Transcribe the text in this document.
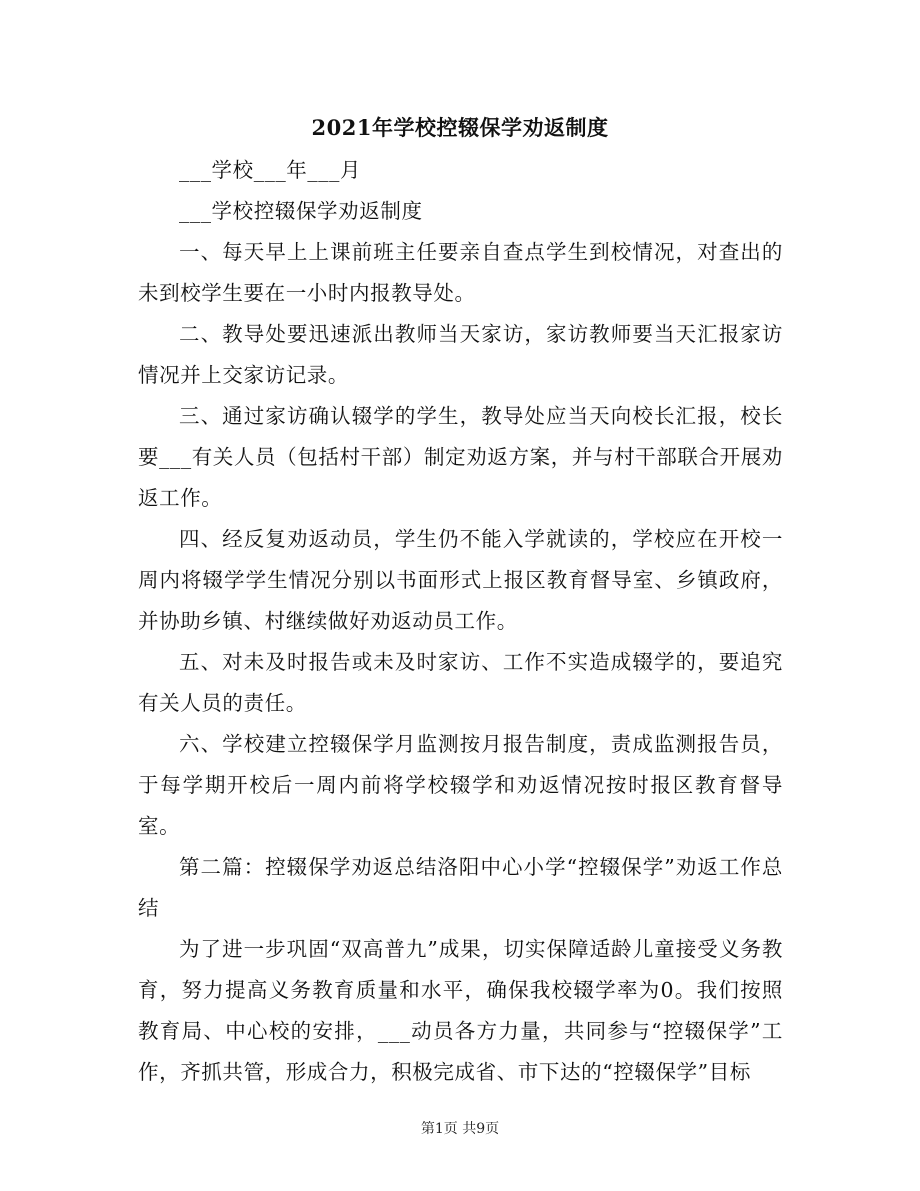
2021年学校控辍保学劝返制度

___学校___年___月

___学校控辍保学劝返制度

一、每天早上上课前班主任要亲自查点学生到校情况，对查出的未到校学生要在一小时内报教导处。

二、教导处要迅速派出教师当天家访，家访教师要当天汇报家访情况并上交家访记录。

三、通过家访确认辍学的学生，教导处应当天向校长汇报，校长要___有关人员（包括村干部）制定劝返方案，并与村干部联合开展劝返工作。

四、经反复劝返动员，学生仍不能入学就读的，学校应在开校一周内将辍学学生情况分别以书面形式上报区教育督导室、乡镇政府，并协助乡镇、村继续做好劝返动员工作。

五、对未及时报告或未及时家访、工作不实造成辍学的，要追究有关人员的责任。

六、学校建立控辍保学月监测按月报告制度，责成监测报告员，于每学期开校后一周内前将学校辍学和劝返情况按时报区教育督导室。

第二篇：控辍保学劝返总结洛阳中心小学“控辍保学”劝返工作总结

为了进一步巩固“双高普九”成果，切实保障适龄儿童接受义务教育，努力提高义务教育质量和水平，确保我校辍学率为0。我们按照教育局、中心校的安排，___动员各方力量，共同参与“控辍保学”工作，齐抓共管，形成合力，积极完成省、市下达的“控辍保学”目标

第1页 共9页
